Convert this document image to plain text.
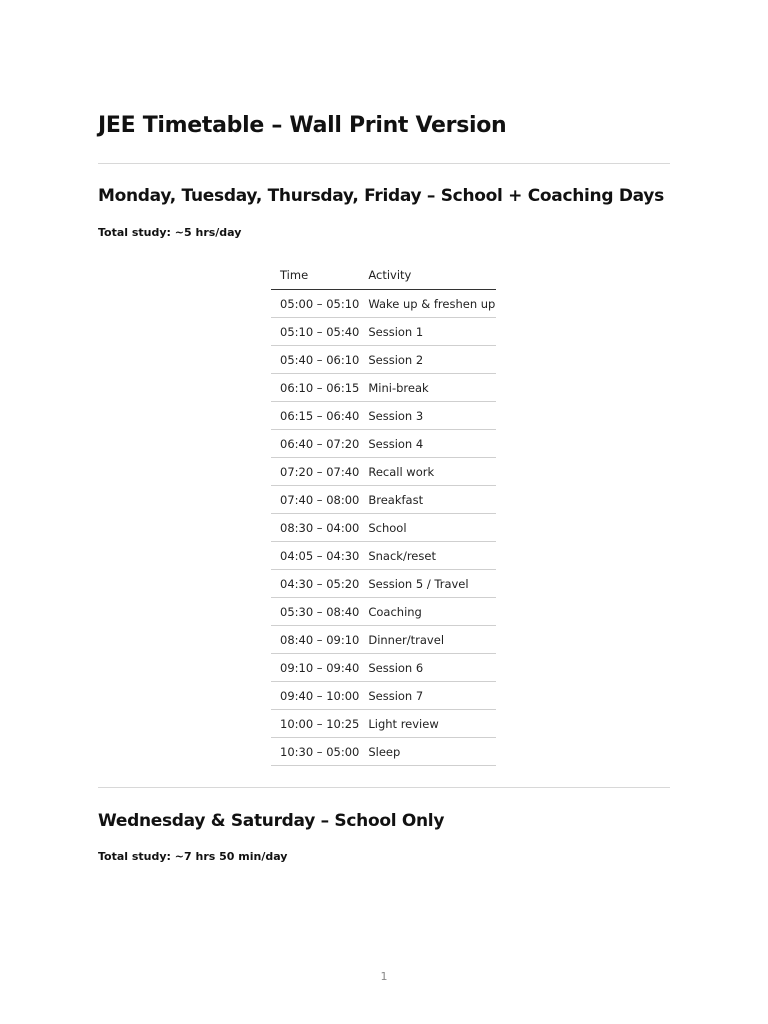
JEE Timetable – Wall Print Version
Monday, Tuesday, Thursday, Friday – School + Coaching Days

Total study: ~5 hrs/day

Time	Activity
05:00 – 05:10	Wake up & freshen up
05:10 – 05:40	Session 1
05:40 – 06:10	Session 2
06:10 – 06:15	Mini-break
06:15 – 06:40	Session 3
06:40 – 07:20	Session 4
07:20 – 07:40	Recall work
07:40 – 08:00	Breakfast
08:30 – 04:00	School
04:05 – 04:30	Snack/reset
04:30 – 05:20	Session 5 / Travel
05:30 – 08:40	Coaching
08:40 – 09:10	Dinner/travel
09:10 – 09:40	Session 6
09:40 – 10:00	Session 7
10:00 – 10:25	Light review
10:30 – 05:00	Sleep
Wednesday & Saturday – School Only

Total study: ~7 hrs 50 min/day

1
